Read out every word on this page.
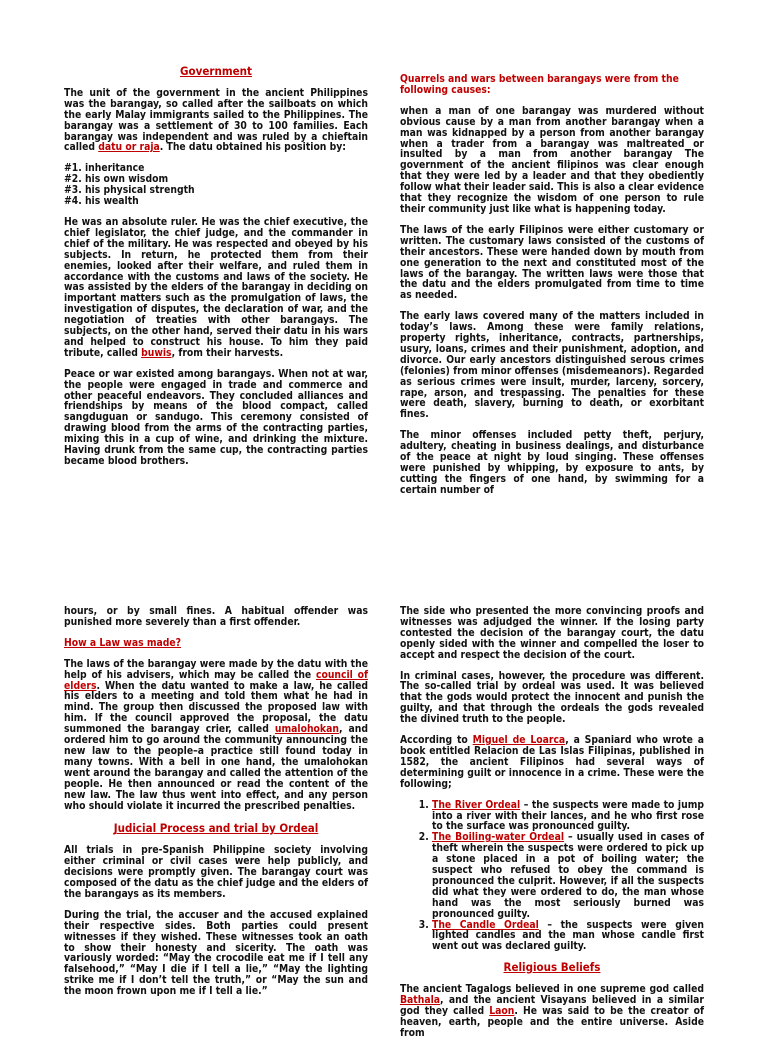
Government

The unit of the government in the ancient Philippines was the barangay, so called after the sailboats on which the early Malay immigrants sailed to the Philippines. The barangay was a settlement of 30 to 100 families. Each barangay was independent and was ruled by a chieftain called datu or raja. The datu obtained his position by:

#1. inheritance
#2. his own wisdom
#3. his physical strength
#4. his wealth

He was an absolute ruler. He was the chief executive, the chief legislator, the chief judge, and the commander in chief of the military. He was respected and obeyed by his subjects. In return, he protected them from their enemies, looked after their welfare, and ruled them in accordance with the customs and laws of the society. He was assisted by the elders of the barangay in deciding on important matters such as the promulgation of laws, the investigation of disputes, the declaration of war, and the negotiation of treaties with other barangays. The subjects, on the other hand, served their datu in his wars and helped to construct his house. To him they paid tribute, called buwis, from their harvests.

Peace or war existed among barangays. When not at war, the people were engaged in trade and commerce and other peaceful endeavors. They concluded alliances and friendships by means of the blood compact, called sangduguan or sandugo. This ceremony consisted of drawing blood from the arms of the contracting parties, mixing this in a cup of wine, and drinking the mixture. Having drunk from the same cup, the contracting parties became blood brothers.

Quarrels and wars between barangays were from the following causes:

when a man of one barangay was murdered without obvious cause by a man from another barangay when a man was kidnapped by a person from another barangay when a trader from a barangay was maltreated or insulted by a man from another barangay The government of the ancient filipinos was clear enough that they were led by a leader and that they obediently follow what their leader said. This is also a clear evidence that they recognize the wisdom of one person to rule their community just like what is happening today.

The laws of the early Filipinos were either customary or written. The customary laws consisted of the customs of their ancestors. These were handed down by mouth from one generation to the next and constituted most of the laws of the barangay. The written laws were those that the datu and the elders promulgated from time to time as needed.

The early laws covered many of the matters included in today’s laws. Among these were family relations, property rights, inheritance, contracts, partnerships, usury, loans, crimes and their punishment, adoption, and divorce. Our early ancestors distinguished serous crimes (felonies) from minor offenses (misdemeanors). Regarded as serious crimes were insult, murder, larceny, sorcery, rape, arson, and trespassing. The penalties for these were death, slavery, burning to death, or exorbitant fines.

The minor offenses included petty theft, perjury, adultery, cheating in business dealings, and disturbance of the peace at night by loud singing. These offenses were punished by whipping, by exposure to ants, by cutting the fingers of one hand, by swimming for a certain number of

hours, or by small fines. A habitual offender was punished more severely than a first offender.

How a Law was made?

The laws of the barangay were made by the datu with the help of his advisers, which may be called the council of elders. When the datu wanted to make a law, he called his elders to a meeting and told them what he had in mind. The group then discussed the proposed law with him. If the council approved the proposal, the datu summoned the barangay crier, called umalohokan, and ordered him to go around the community announcing the new law to the people–a practice still found today in many towns. With a bell in one hand, the umalohokan went around the barangay and called the attention of the people. He then announced or read the content of the new law. The law thus went into effect, and any person who should violate it incurred the prescribed penalties.

Judicial Process and trial by Ordeal

All trials in pre-Spanish Philippine society involving either criminal or civil cases were help publicly, and decisions were promptly given. The barangay court was composed of the datu as the chief judge and the elders of the barangays as its members.

During the trial, the accuser and the accused explained their respective sides. Both parties could present witnesses if they wished. These witnesses took an oath to show their honesty and sicerity. The oath was variously worded: “May the crocodile eat me if I tell any falsehood,” “May I die if I tell a lie,” “May the lighting strike me if I don’t tell the truth,” or “May the sun and the moon frown upon me if I tell a lie.”

The side who presented the more convincing proofs and witnesses was adjudged the winner. If the losing party contested the decision of the barangay court, the datu openly sided with the winner and compelled the loser to accept and respect the decision of the court.

In criminal cases, however, the procedure was different. The so-called trial by ordeal was used. It was believed that the gods would protect the innocent and punish the guilty, and that through the ordeals the gods revealed the divined truth to the people.

According to Miguel de Loarca, a Spaniard who wrote a book entitled Relacion de Las Islas Filipinas, published in 1582, the ancient Filipinos had several ways of determining guilt or innocence in a crime. These were the following;

1. The River Ordeal – the suspects were made to jump into a river with their lances, and he who first rose to the surface was pronounced guilty.
2. The Boiling-water Ordeal – usually used in cases of theft wherein the suspects were ordered to pick up a stone placed in a pot of boiling water; the suspect who refused to obey the command is pronounced the culprit. However, if all the suspects did what they were ordered to do, the man whose hand was the most seriously burned was pronounced guilty.
3. The Candle Ordeal – the suspects were given lighted candles and the man whose candle first went out was declared guilty.
Religious Beliefs

The ancient Tagalogs believed in one supreme god called Bathala, and the ancient Visayans believed in a similar god they called Laon. He was said to be the creator of heaven, earth, people and the entire universe. Aside from
